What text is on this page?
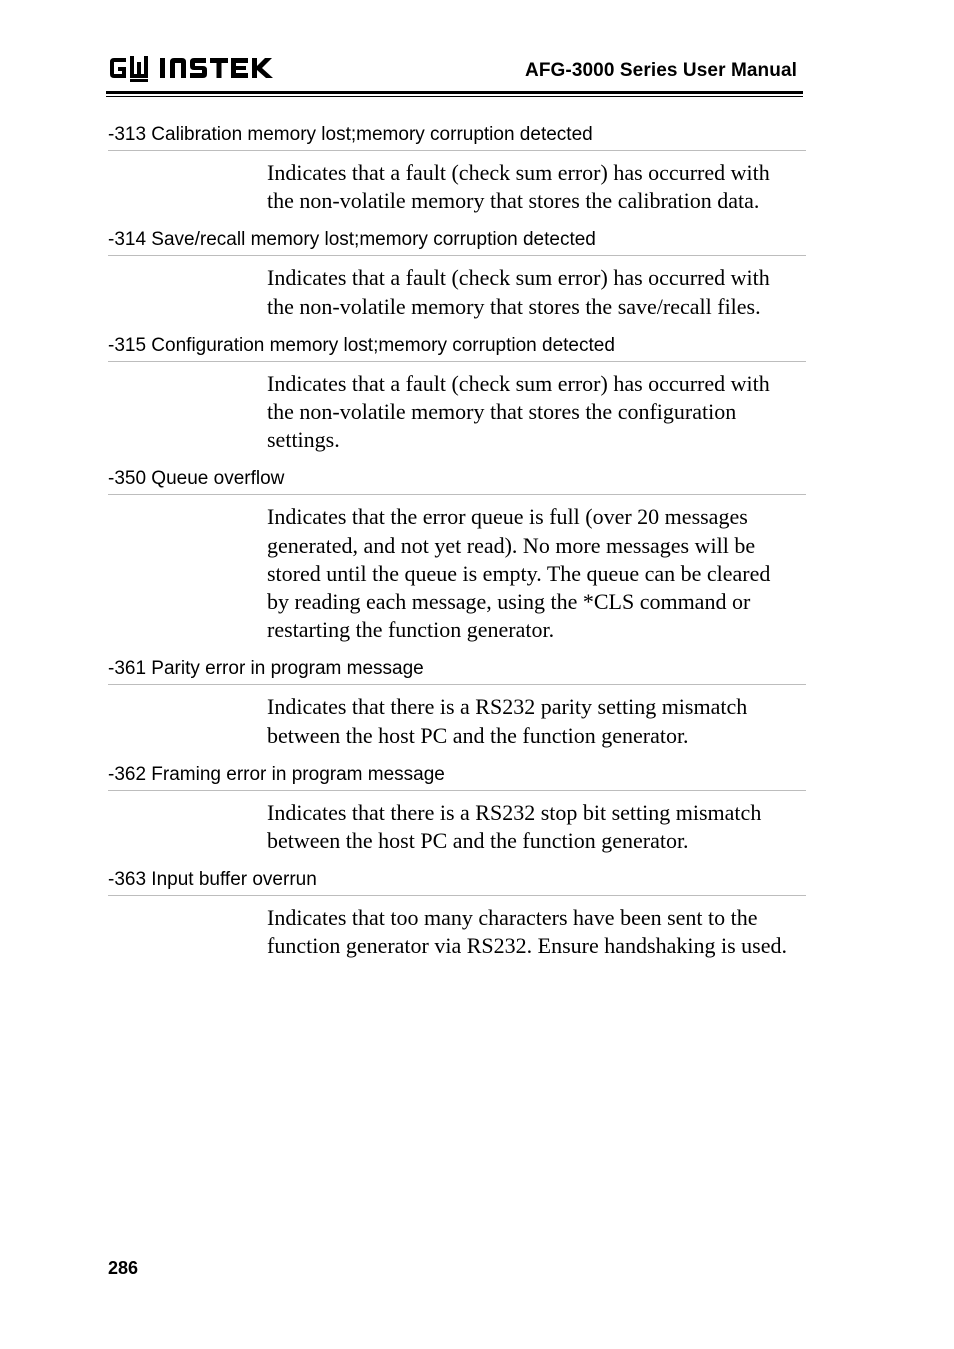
AFG-3000 Series User Manual
-313 Calibration memory lost;memory corruption detected
Indicates that a fault (check sum error) has occurred with the non-volatile memory that stores the calibration data.
-314 Save/recall memory lost;memory corruption detected
Indicates that a fault (check sum error) has occurred with the non-volatile memory that stores the save/recall files.
-315 Configuration memory lost;memory corruption detected
Indicates that a fault (check sum error) has occurred with the non-volatile memory that stores the configuration settings.
-350 Queue overflow
Indicates that the error queue is full (over 20 messages generated, and not yet read). No more messages will be stored until the queue is empty. The queue can be cleared by reading each message, using the *CLS command or restarting the function generator.
-361 Parity error in program message
Indicates that there is a RS232 parity setting mismatch between the host PC and the function generator.
-362 Framing error in program message
Indicates that there is a RS232 stop bit setting mismatch between the host PC and the function generator.
-363 Input buffer overrun
Indicates that too many characters have been sent to the function generator via RS232. Ensure handshaking is used.
286
